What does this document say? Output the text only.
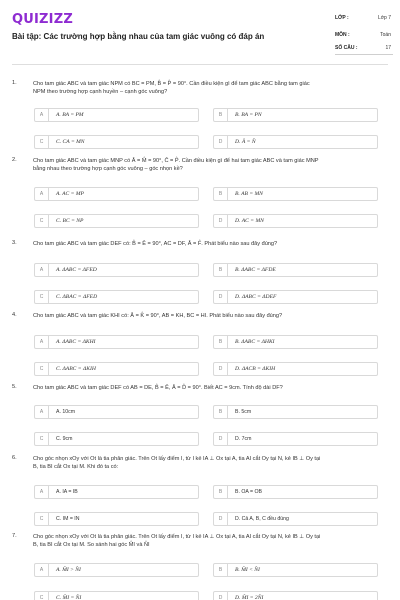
QUIZIZZ
Bài tập: Các trường hợp bằng nhau của tam giác vuông có đáp án
LỚP :	Lớp 7
MÔN :	Toán
SỐ CÂU :	17
1.	Cho tam giác ABC và tam giác NPM có BC = PM, B̂ = P̂ = 90°. Cần điều kiện gì để tam giác ABC bằng tam giác
NPM theo trường hợp cạnh huyền – cạnh góc vuông?
A	A. BA = PM	B	B. BA = PN
C	C. CA = MN	D	D. Â = N̂
2.	Cho tam giác ABC và tam giác MNP có Â = M̂ = 90°, Ĉ = P̂. Cần điều kiện gì để hai tam giác ABC và tam giác MNP
bằng nhau theo trường hợp cạnh góc vuông – góc nhọn kề?
A	A. AC = MP	B	B. AB = MN
C	C. BC = NP	D	D. AC = MN
3.	Cho tam giác ABC và tam giác DEF có: B̂ = Ê = 90°, AC = DF, Â = F̂. Phát biểu nào sau đây đúng?
A	A. ΔABC = ΔFED	B	B. ΔABC = ΔFDE
C	C. ΔBAC = ΔFED	D	D. ΔABC = ΔDEF
4.	Cho tam giác ABC và tam giác KHI có: Â = K̂ = 90°, AB = KH, BC = HI. Phát biểu nào sau đây đúng?
A	A. ΔABC = ΔKHI	B	B. ΔABC = ΔHKI
C	C. ΔABC = ΔKIH	D	D. ΔACB = ΔKIH
5.	Cho tam giác ABC và tam giác DEF có AB = DE, B̂ = Ê, Â = D̂ = 90°. Biết AC = 9cm. Tính độ dài DF?
A	A. 10cm	B	B. 5cm
C	C. 9cm	D	D. 7cm
6.	Cho góc nhọn xOy với Ot là tia phân giác. Trên Ot lấy điểm I, từ I kẻ IA ⊥ Ox tại A, tia AI cắt Oy tại N, kẻ IB ⊥ Oy tại
B, tia BI cắt Ox tại M. Khi đó ta có:
A	A. IA = IB	B	B. OA = OB
C	C. IM = IN	D	D. Cả A, B, C đều đúng
7.	Cho góc nhọn xOy với Ot là tia phân giác. Trên Ot lấy điểm I, từ I kẻ IA ⊥ Ox tại A, tia AI cắt Oy tại N, kẻ IB ⊥ Oy tại
B, tia BI cắt Ox tại M. So sánh hai góc M̂I và N̂I
A	A. M̂I > N̂I	B	B. M̂I < N̂I
C	C. M̂I = N̂I	D	D. M̂I = 2N̂I
